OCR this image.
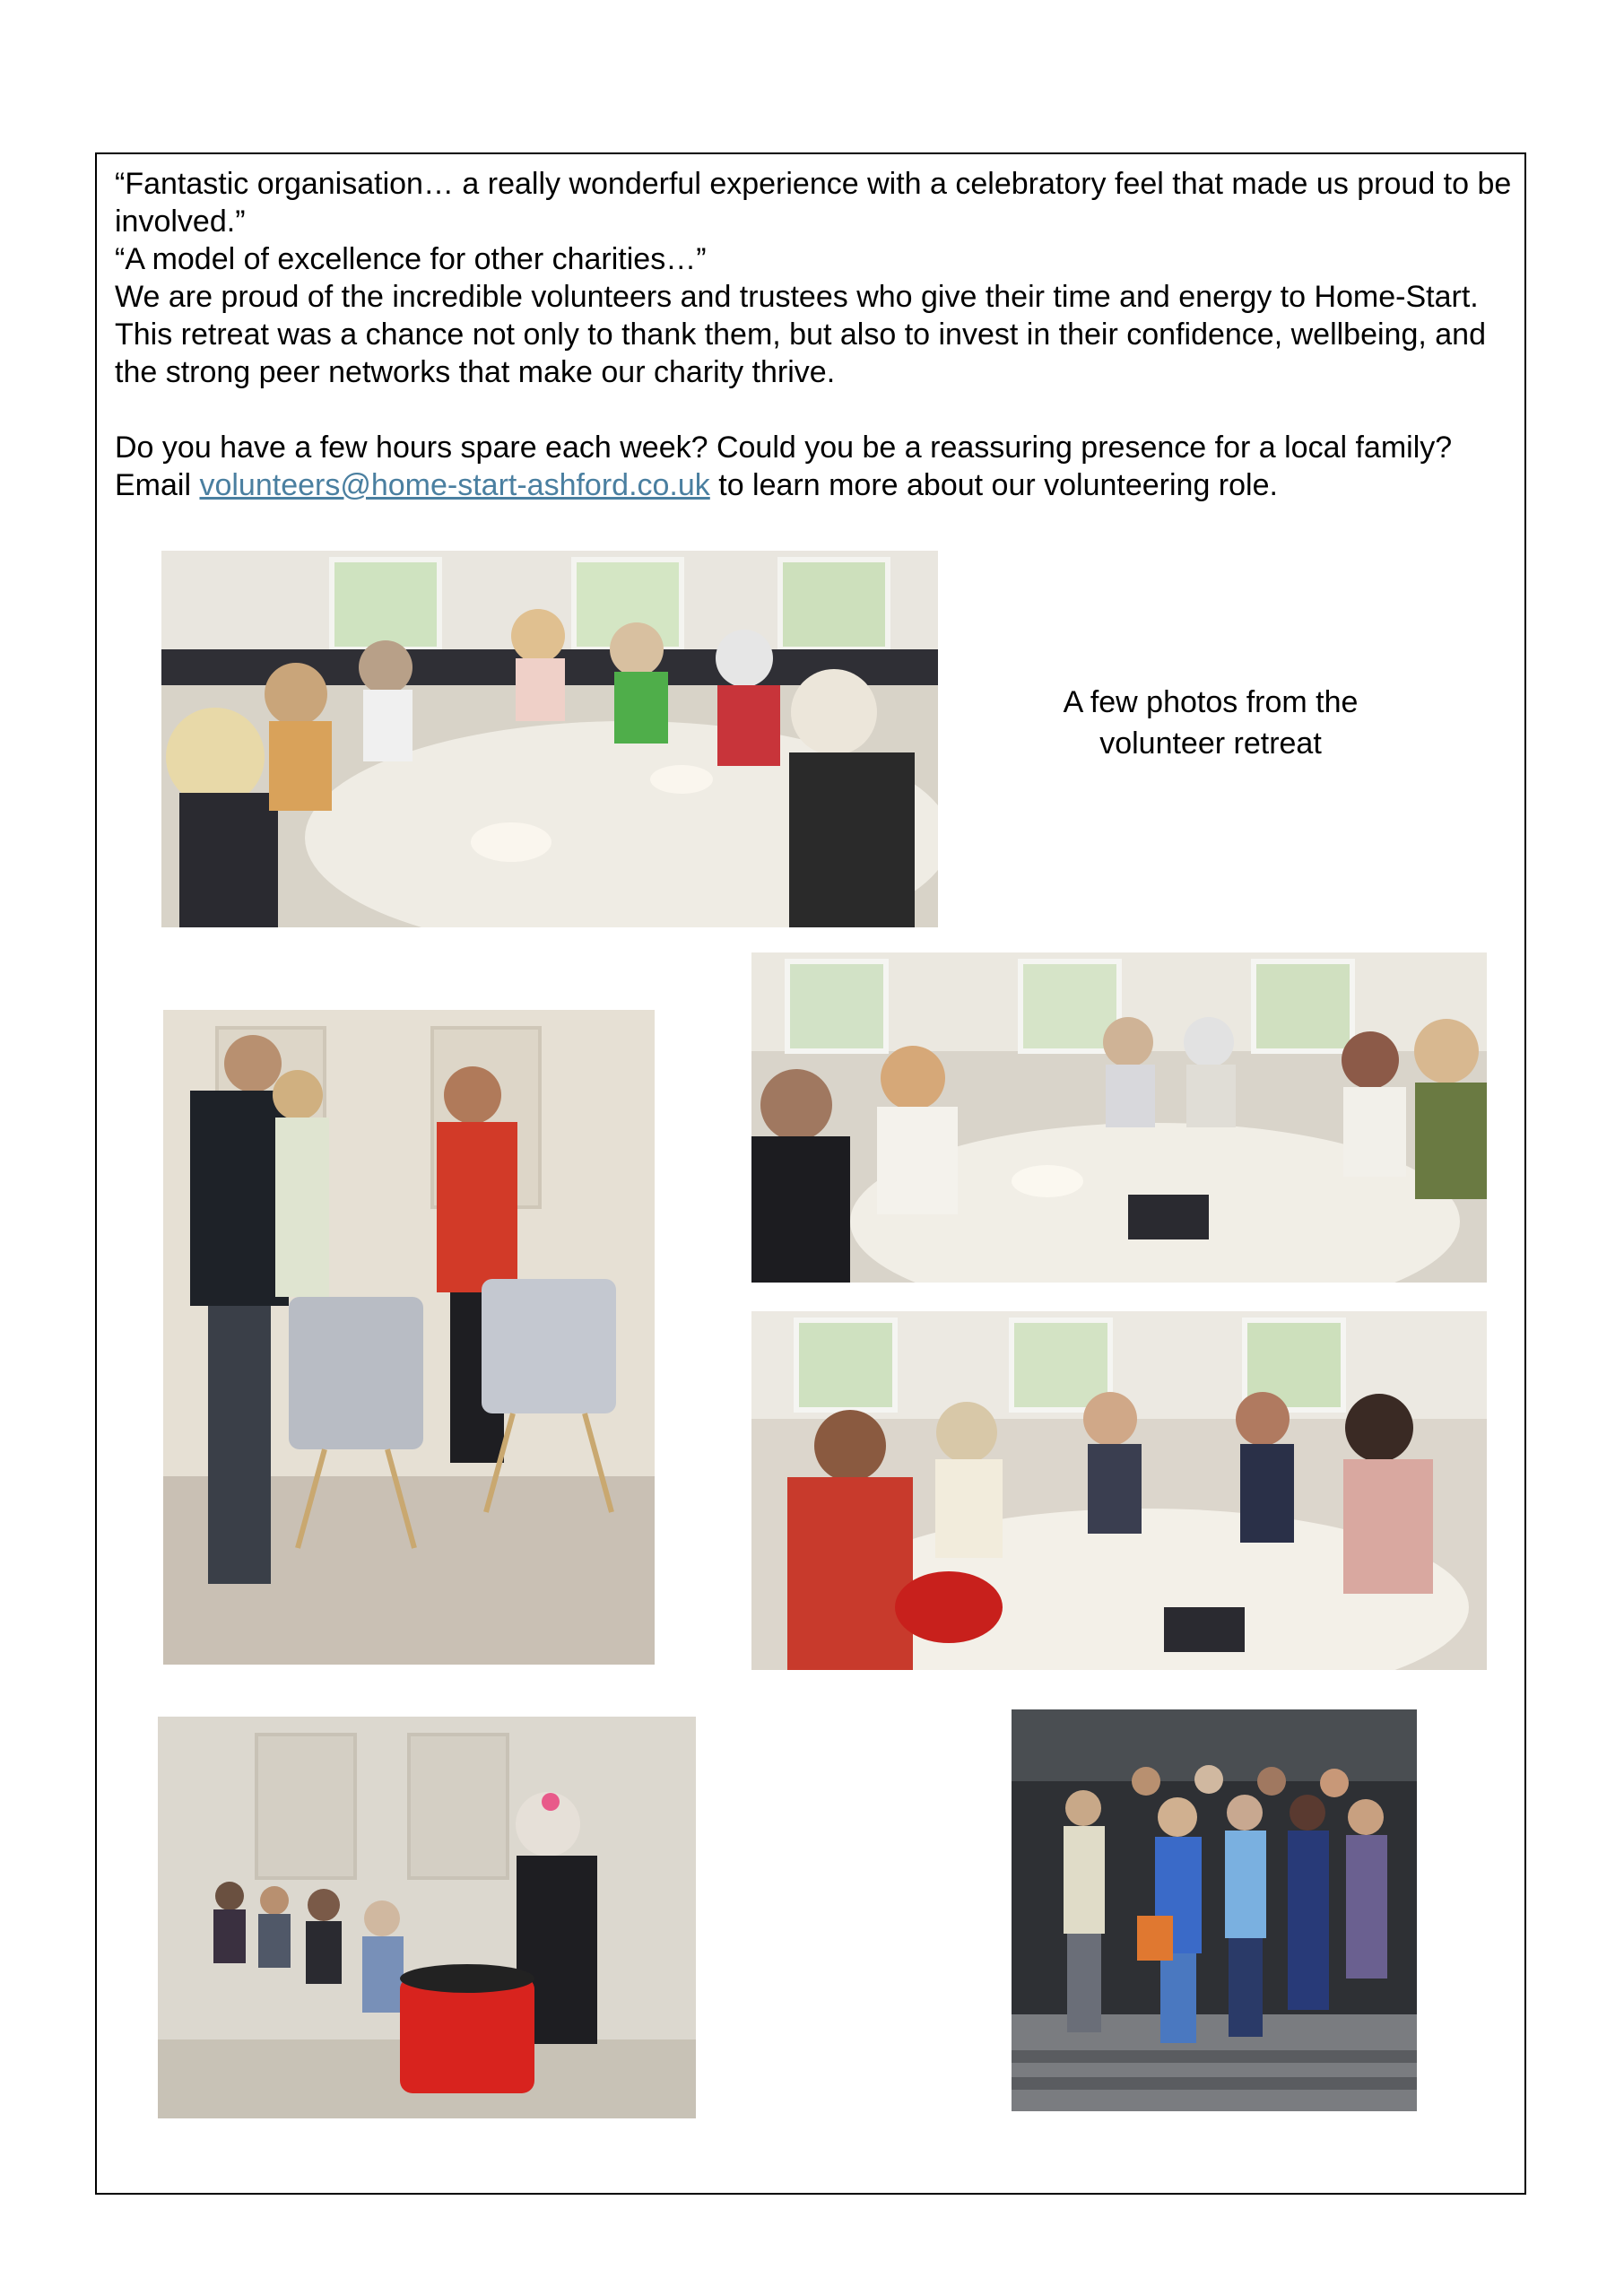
“Fantastic organisation… a really wonderful experience with a celebratory feel that made us proud to be involved.”

“A model of excellence for other charities…”

We are proud of the incredible volunteers and trustees who give their time and energy to Home-Start. This retreat was a chance not only to thank them, but also to invest in their confidence, wellbeing, and the strong peer networks that make our charity thrive.

Do you have a few hours spare each week? Could you be a reassuring presence for a local family? Email volunteers@home-start-ashford.co.uk to learn more about our volunteering role.

A few photos from the volunteer retreat
